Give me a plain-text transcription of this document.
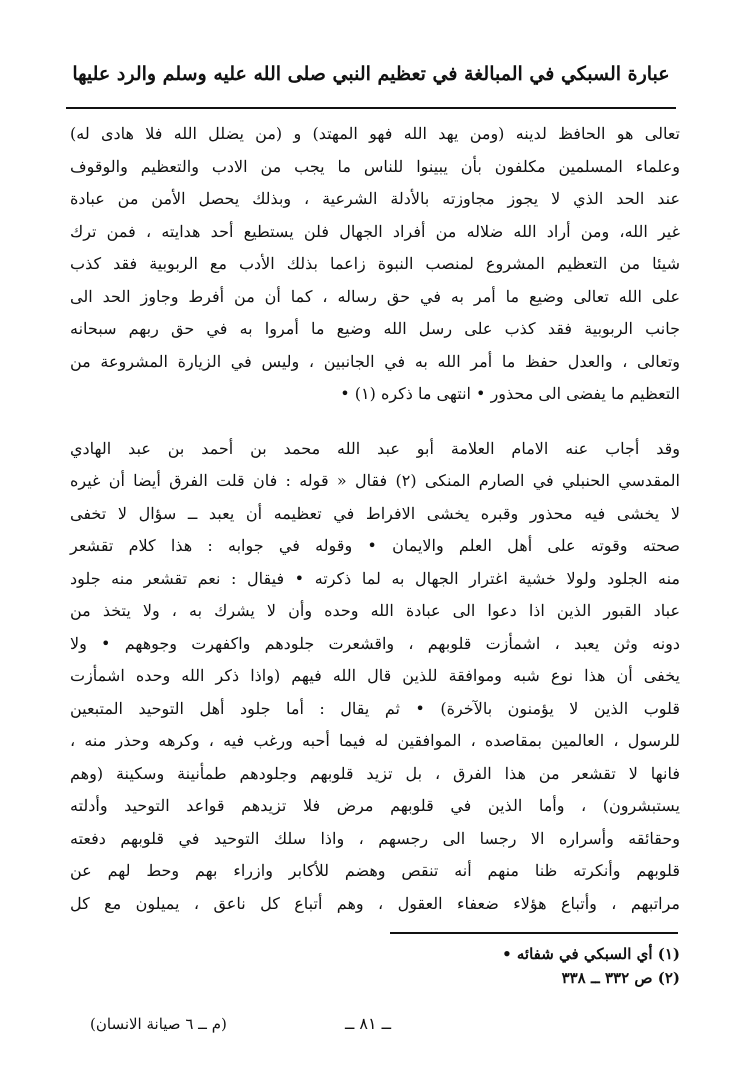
عبارة السبكي في المبالغة في تعظيم النبي صلى الله عليه وسلم والرد عليها
تعالى هو الحافظ لدينه (ومن يهد الله فهو المهتد) و (من يضلل الله فلا هادى له)
وعلماء المسلمين مكلفون بأن يبينوا للناس ما يجب من الادب والتعظيم والوقوف
عند الحد الذي لا يجوز مجاوزته بالأدلة الشرعية ، وبذلك يحصل الأمن من عبادة
غير الله، ومن أراد الله ضلاله من أفراد الجهال فلن يستطيع أحد هدايته ، فمن ترك
شيئا من التعظيم المشروع لمنصب النبوة زاعما بذلك الأدب مع الربوبية فقد كذب
على الله تعالى وضيع ما أمر به في حق رساله ، كما أن من أفرط وجاوز الحد الى
جانب الربوبية فقد كذب على رسل الله وضيع ما أمروا به في حق ربهم سبحانه
وتعالى ، والعدل حفظ ما أمر الله به في الجانبين ، وليس في الزيارة المشروعة من
التعظيم ما يفضى الى محذور • انتهى ما ذكره (١) •
وقد أجاب عنه الامام العلامة أبو عبد الله محمد بن أحمد بن عبد الهادي
المقدسي الحنبلي في الصارم المنكى (٢) فقال « قوله : فان قلت الفرق أيضا أن غيره
لا يخشى فيه محذور وقبره يخشى الافراط في تعظيمه أن يعبد ــ سؤال لا تخفى
صحته وقوته على أهل العلم والايمان • وقوله في جوابه : هذا كلام تقشعر
منه الجلود ولولا خشية اغترار الجهال به لما ذكرته • فيقال : نعم تقشعر منه جلود
عباد القبور الذين اذا دعوا الى عبادة الله وحده وأن لا يشرك به ، ولا يتخذ من
دونه وثن يعبد ، اشمأزت قلوبهم ، واقشعرت جلودهم واكفهرت وجوههم • ولا
يخفى أن هذا نوع شبه وموافقة للذين قال الله فيهم (واذا ذكر الله وحده اشمأزت
قلوب الذين لا يؤمنون بالآخرة) • ثم يقال : أما جلود أهل التوحيد المتبعين
للرسول ، العالمين بمقاصده ، الموافقين له فيما أحبه ورغب فيه ، وكرهه وحذر منه ،
فانها لا تقشعر من هذا الفرق ، بل تزيد قلوبهم وجلودهم طمأنينة وسكينة (وهم
يستبشرون) ، وأما الذين في قلوبهم مرض فلا تزيدهم قواعد التوحيد وأدلته
وحقائقه وأسراره الا رجسا الى رجسهم ، واذا سلك التوحيد في قلوبهم دفعته
قلوبهم وأنكرته ظنا منهم أنه تنقص وهضم للأكابر وازراء بهم وحط لهم عن
مراتبهم ، وأتباع هؤلاء ضعفاء العقول ، وهم أتباع كل ناعق ، يميلون مع كل
(١) أي السبكي في شفائه •
(٢) ص ٣٣٢ ــ ٣٣٨
ــ ٨١ ــ
(م ــ ٦ صيانة الانسان)
